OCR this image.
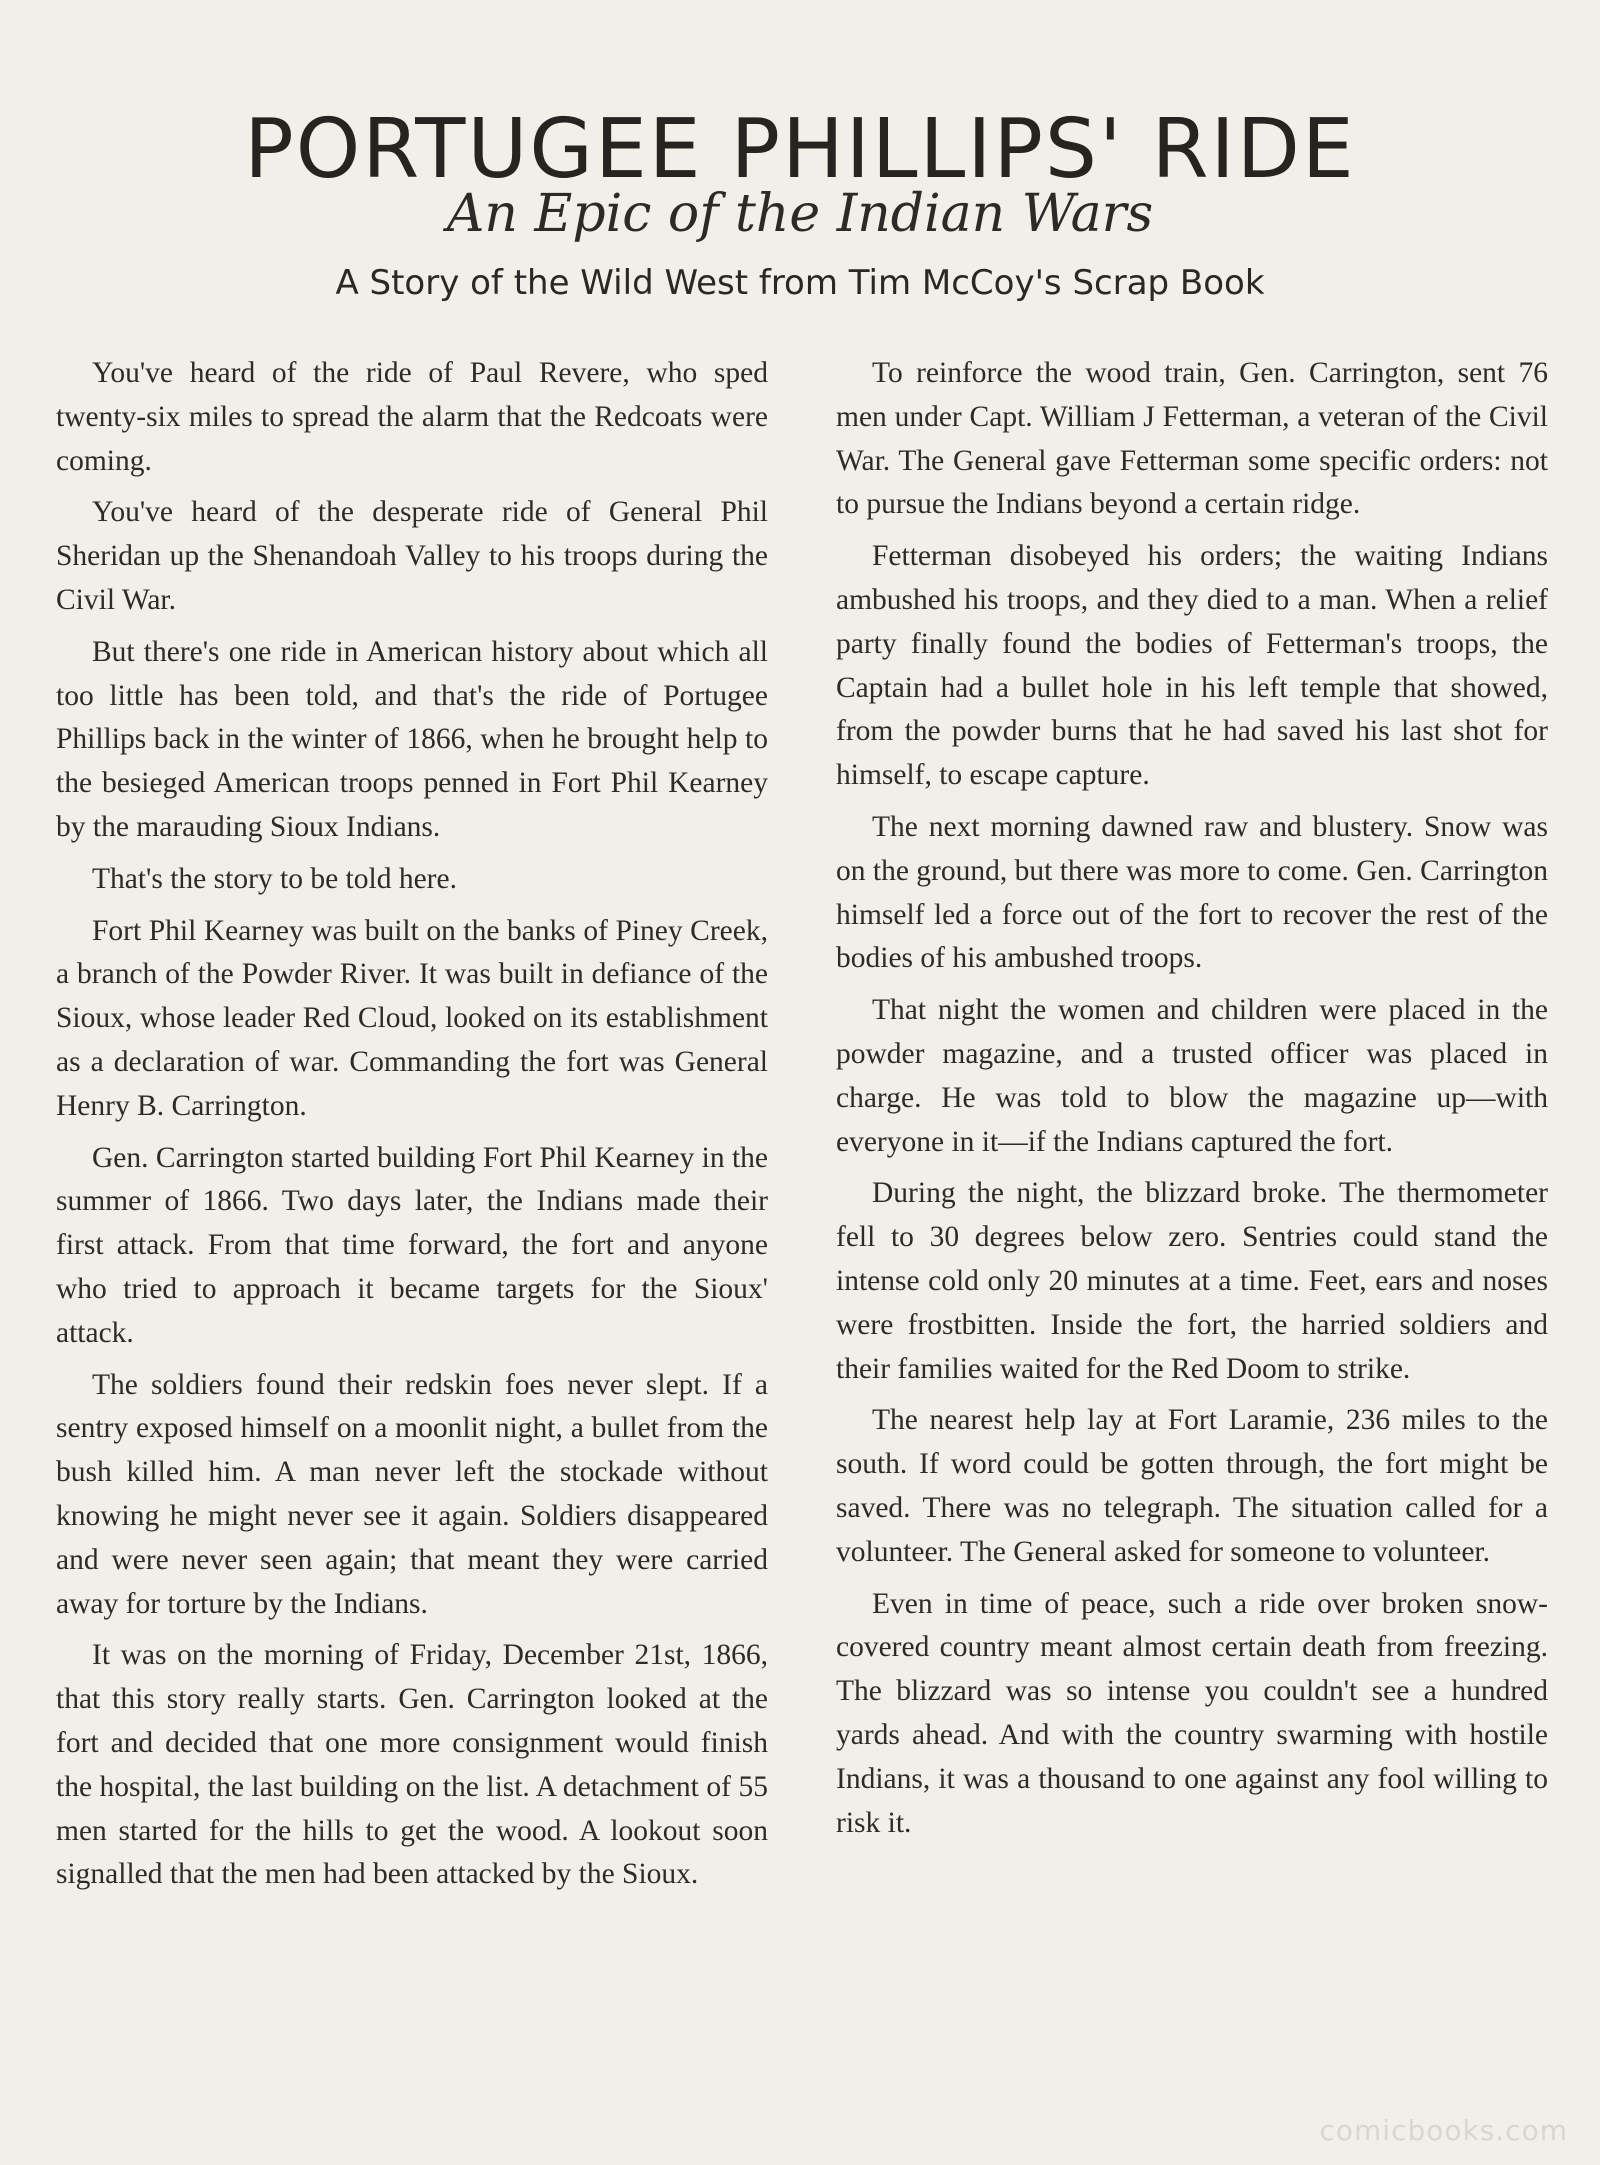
PORTUGEE PHILLIPS' RIDE
An Epic of the Indian Wars
A Story of the Wild West from Tim McCoy's Scrap Book

You've heard of the ride of Paul Revere, who sped twenty-six miles to spread the alarm that the Redcoats were coming.

You've heard of the desperate ride of General Phil Sheridan up the Shenandoah Valley to his troops during the Civil War.

But there's one ride in American history about which all too little has been told, and that's the ride of Portugee Phillips back in the winter of 1866, when he brought help to the besieged American troops penned in Fort Phil Kearney by the marauding Sioux Indians.

That's the story to be told here.

Fort Phil Kearney was built on the banks of Piney Creek, a branch of the Powder River. It was built in defiance of the Sioux, whose leader Red Cloud, looked on its establishment as a declaration of war. Commanding the fort was General Henry B. Carrington.

Gen. Carrington started building Fort Phil Kearney in the summer of 1866. Two days later, the Indians made their first attack. From that time forward, the fort and anyone who tried to approach it became targets for the Sioux' attack.

The soldiers found their redskin foes never slept. If a sentry exposed himself on a moonlit night, a bullet from the bush killed him. A man never left the stockade without knowing he might never see it again. Soldiers disappeared and were never seen again; that meant they were carried away for torture by the Indians.

It was on the morning of Friday, December 21st, 1866, that this story really starts. Gen. Carrington looked at the fort and decided that one more consignment would finish the hospital, the last building on the list. A detachment of 55 men started for the hills to get the wood. A lookout soon signalled that the men had been attacked by the Sioux.

To reinforce the wood train, Gen. Carrington, sent 76 men under Capt. William J Fetterman, a veteran of the Civil War. The General gave Fetterman some specific orders: not to pursue the Indians beyond a certain ridge.

Fetterman disobeyed his orders; the waiting Indians ambushed his troops, and they died to a man. When a relief party finally found the bodies of Fetterman's troops, the Captain had a bullet hole in his left temple that showed, from the powder burns that he had saved his last shot for himself, to escape capture.

The next morning dawned raw and blustery. Snow was on the ground, but there was more to come. Gen. Carrington himself led a force out of the fort to recover the rest of the bodies of his ambushed troops.

That night the women and children were placed in the powder magazine, and a trusted officer was placed in charge. He was told to blow the magazine up—with everyone in it—if the Indians captured the fort.

During the night, the blizzard broke. The thermometer fell to 30 degrees below zero. Sentries could stand the intense cold only 20 minutes at a time. Feet, ears and noses were frostbitten. Inside the fort, the harried soldiers and their families waited for the Red Doom to strike.

The nearest help lay at Fort Laramie, 236 miles to the south. If word could be gotten through, the fort might be saved. There was no telegraph. The situation called for a volunteer. The General asked for someone to volunteer.

Even in time of peace, such a ride over broken snow-covered country meant almost certain death from freezing. The blizzard was so intense you couldn't see a hundred yards ahead. And with the country swarming with hostile Indians, it was a thousand to one against any fool willing to risk it.

comicbooks.com
